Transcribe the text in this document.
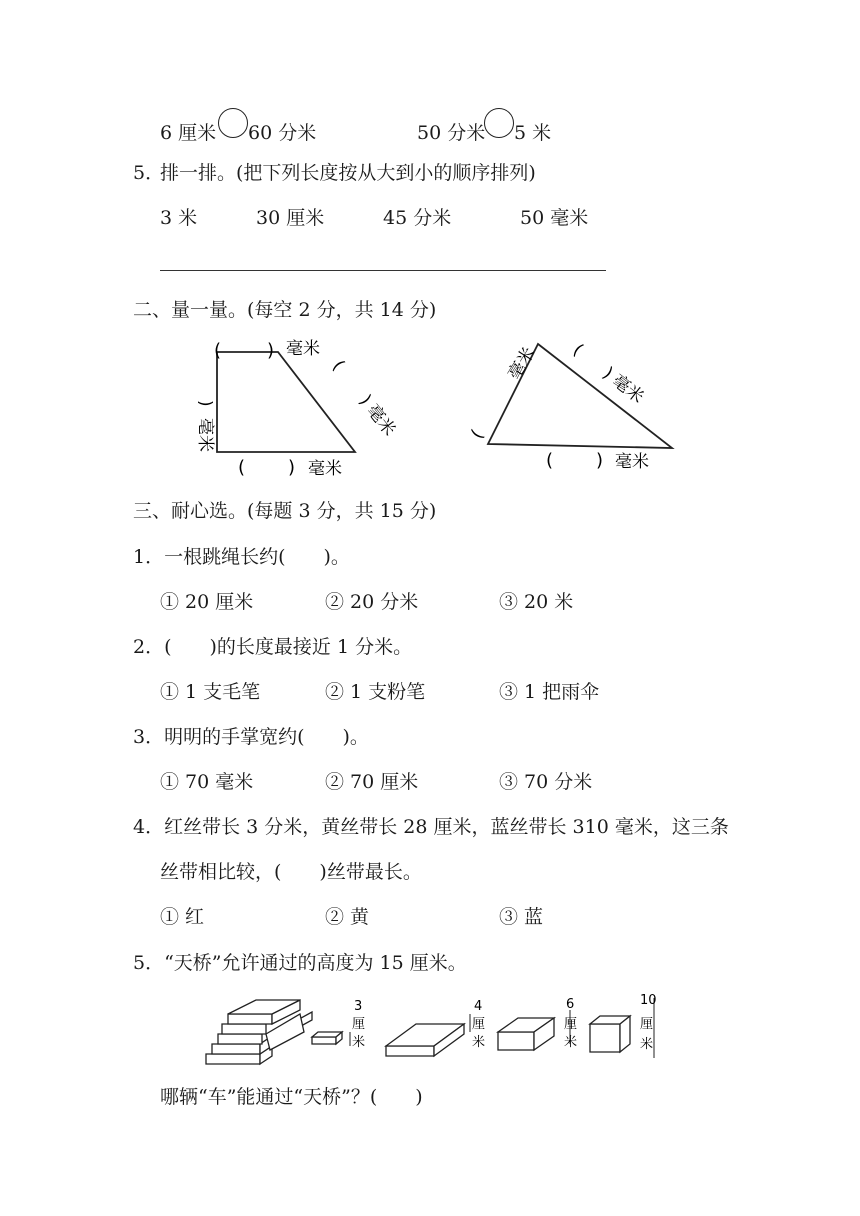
6 厘米 60 分米	50 分米 5 米
5．
排一排。(把下列长度按从大到小的顺序排列)
3 米	30 厘米	45 分米	50 毫米
二、量一量。(每空 2 分，共 14 分)
(	) 毫米
)
毫米
(
)
毫米
( ) 毫米
(
毫米 (
)
毫米
( ) 毫米
三、耐心选。(每题 3 分，共 15 分)
1．一根跳绳长约(　　)。
① 20 厘米	② 20 分米	③ 20 米
2．(　　)的长度最接近 1 分米。
① 1 支毛笔	② 1 支粉笔	③ 1 把雨伞
3．明明的手掌宽约(　　)。
① 70 毫米	② 70 厘米	③ 70 分米
4．红丝带长 3 分米，黄丝带长 28 厘米，蓝丝带长 310 毫米，这三条
丝带相比较，(　　)丝带最长。
① 红	② 黄	③ 蓝
5．“天桥”允许通过的高度为 15 厘米。
3
厘
米
4
厘
米
6
厘
米
10
厘
米
哪辆“车”能通过“天桥”？(　　)
